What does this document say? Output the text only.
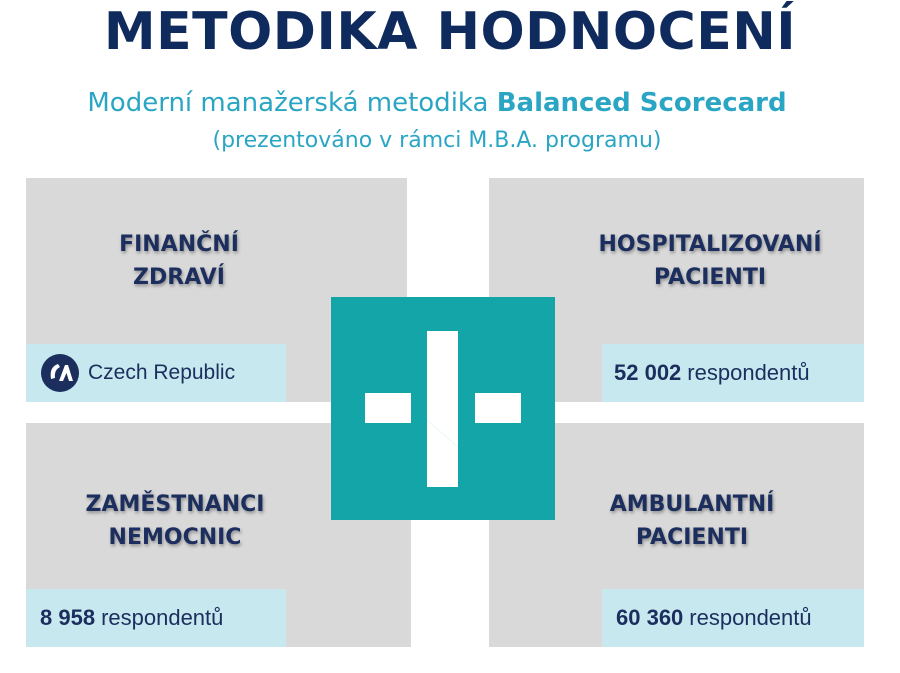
METODIKA HODNOCENÍ
Moderní manažerská metodika Balanced Scorecard
(prezentováno v rámci M.B.A. programu)
FINANČNÍ
ZDRAVÍ
Czech Republic
HOSPITALIZOVANÍ
PACIENTI
52 002 respondentů
ZAMĚSTNANCI
NEMOCNIC
8 958 respondentů
AMBULANTNÍ
PACIENTI
60 360 respondentů
